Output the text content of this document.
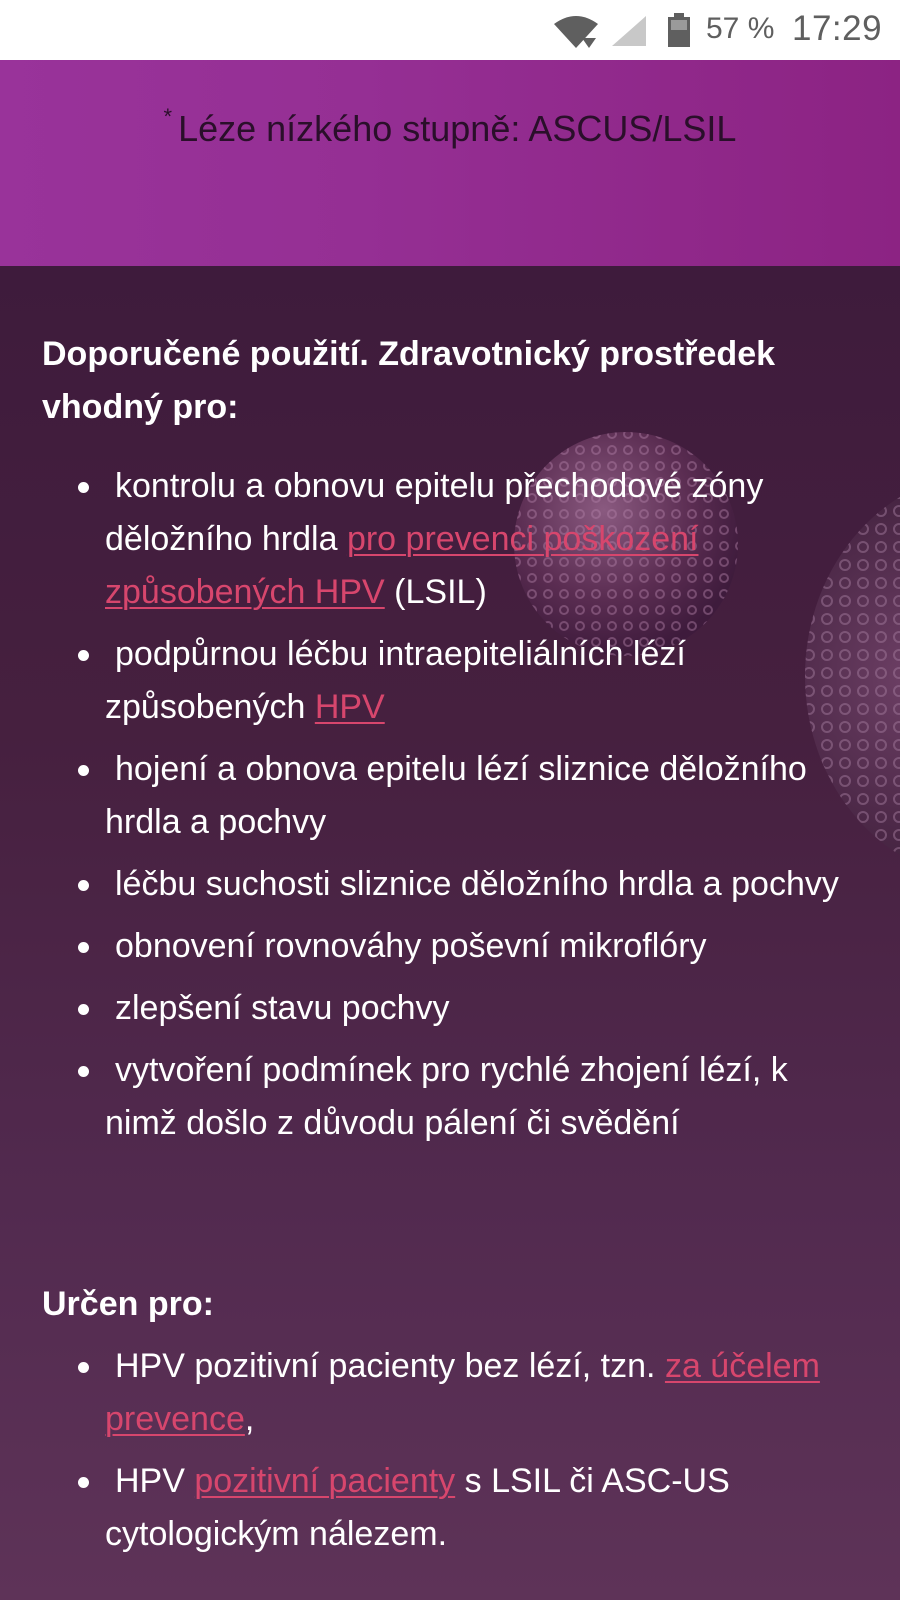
57 % 17:29
* Léze nízkého stupně: ASCUS/LSIL
Doporučené použití. Zdravotnický prostředek vhodný pro:
kontrolu a obnovu epitelu přechodové zóny děložního hrdla pro prevenci poškození způsobených HPV (LSIL)
podpůrnou léčbu intraepiteliálních lézí způsobených HPV
hojení a obnova epitelu lézí sliznice děložního hrdla a pochvy
léčbu suchosti sliznice děložního hrdla a pochvy
obnovení rovnováhy poševní mikroflóry
zlepšení stavu pochvy
vytvoření podmínek pro rychlé zhojení lézí, k nimž došlo z důvodu pálení či svědění
Určen pro:
HPV pozitivní pacienty bez lézí, tzn. za účelem prevence,
HPV pozitivní pacienty s LSIL či ASC-US cytologickým nálezem.
